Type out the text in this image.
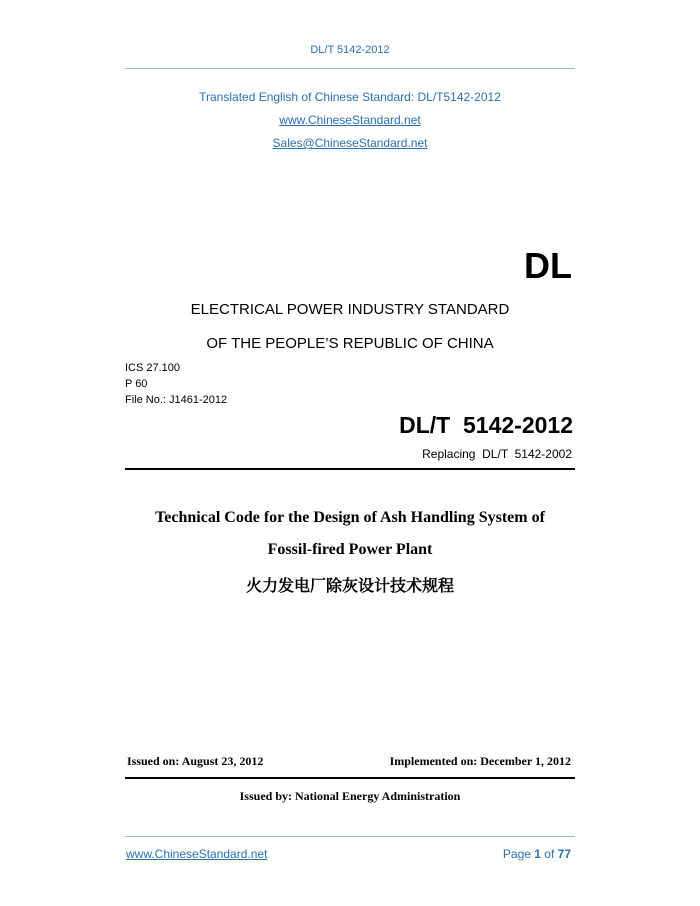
DL/T 5142-2012
Translated English of Chinese Standard: DL/T5142-2012
www.ChineseStandard.net
Sales@ChineseStandard.net
DL
ELECTRICAL POWER INDUSTRY STANDARD
OF THE PEOPLE’S REPUBLIC OF CHINA
ICS 27.100
P 60
File No.: J1461-2012
DL/T  5142-2012
Replacing  DL/T  5142-2002
Technical Code for the Design of Ash Handling System of
Fossil-fired Power Plant
火力发电厂除灰设计技术规程
Issued on: August 23, 2012	Implemented on: December 1, 2012
Issued by: National Energy Administration
www.ChineseStandard.net	Page 1 of 77
